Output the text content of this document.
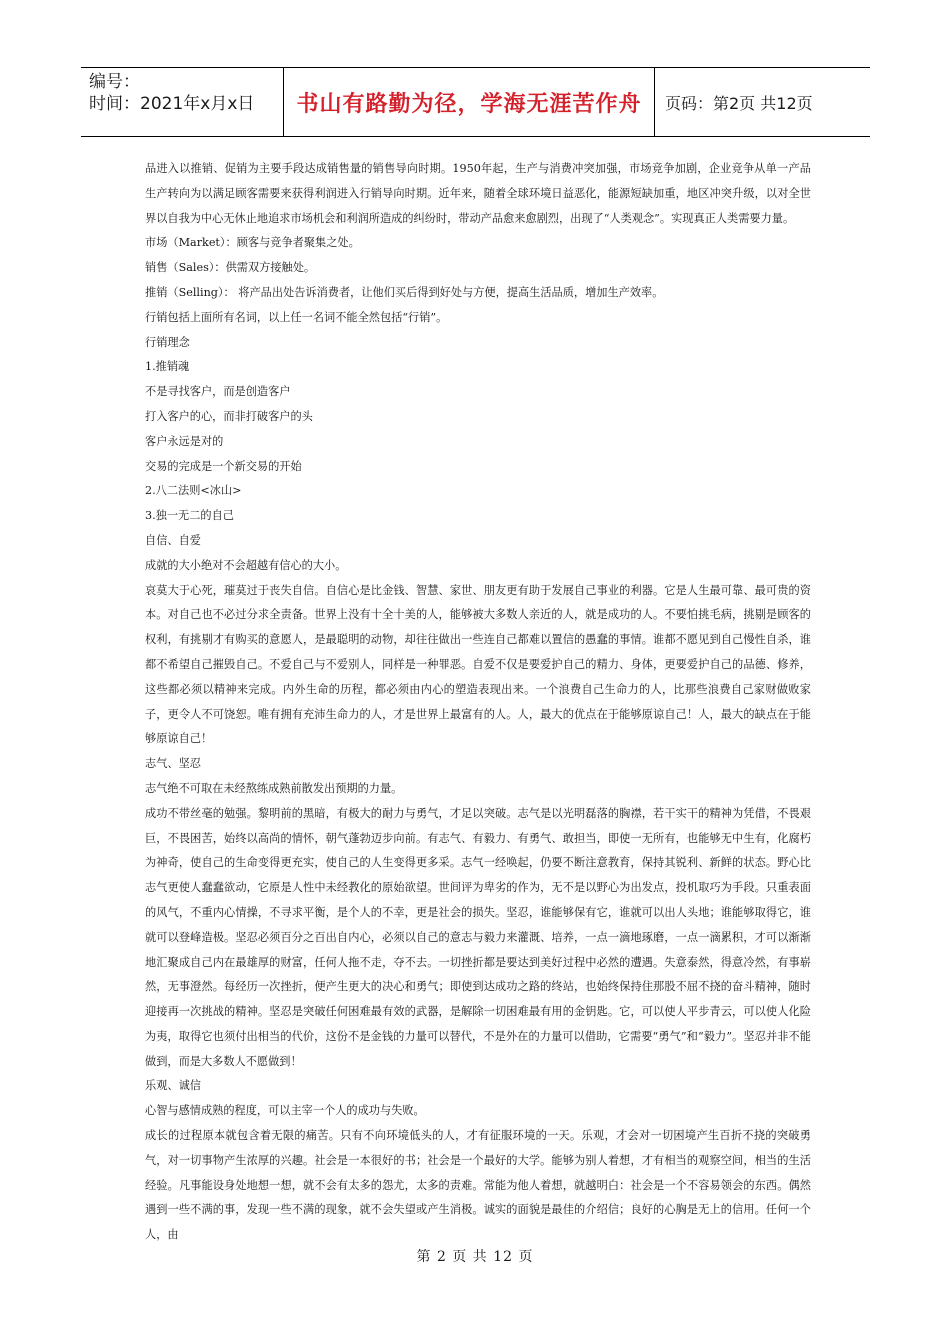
编号：
时间：2021年x月x日	书山有路勤为径，学海无涯苦作舟 页码：第2页 共12页

品进入以推销、促销为主要手段达成销售量的销售导向时期。1950年起，生产与消费冲突加强，市场竞争加剧，企业竞争从单一产品生产转向为以满足顾客需要来获得利润进入行销导向时期。近年来，随着全球环境日益恶化，能源短缺加重，地区冲突升级，以对全世界以自我为中心无休止地追求市场机会和利润所造成的纠纷时，带动产品愈来愈剧烈，出现了“人类观念”。实现真正人类需要力量。

市场（Market）：顾客与竞争者聚集之处。

销售（Sales）：供需双方接触处。

推销（Selling）： 将产品出处告诉消费者，让他们买后得到好处与方便，提高生活品质，增加生产效率。

行销包括上面所有名词，以上任一名词不能全然包括“行销”。

行销理念

1.推销魂

不是寻找客户，而是创造客户

打入客户的心，而非打破客户的头

客户永远是对的

交易的完成是一个新交易的开始

2.八二法则<冰山>

3.独一无二的自己

自信、自爱

成就的大小绝对不会超越有信心的大小。

哀莫大于心死，璀莫过于丧失自信。自信心是比金钱、智慧、家世、朋友更有助于发展自己事业的利器。它是人生最可靠、最可贵的资本。对自己也不必过分求全责备。世界上没有十全十美的人，能够被大多数人亲近的人，就是成功的人。不要怕挑毛病，挑剔是顾客的权利，有挑剔才有购买的意愿人，是最聪明的动物，却往往做出一些连自己都难以置信的愚蠢的事情。谁都不愿见到自己慢性自杀，谁都不希望自己摧毁自己。不爱自己与不爱别人，同样是一种罪恶。自爱不仅是要爱护自己的精力、身体，更要爱护自己的品德、修养，这些都必须以精神来完成。内外生命的历程，都必须由内心的塑造表现出来。一个浪费自己生命力的人，比那些浪费自己家财做败家子，更令人不可饶恕。唯有拥有充沛生命力的人，才是世界上最富有的人。人，最大的优点在于能够原谅自己！人，最大的缺点在于能够原谅自己！

志气、坚忍

志气绝不可取在未经熬练成熟前散发出预期的力量。

成功不带丝毫的勉强。黎明前的黑暗，有极大的耐力与勇气，才足以突破。志气是以光明磊落的胸襟，若干实干的精神为凭借，不畏艰巨，不畏困苦，始终以高尚的情怀，朝气蓬勃迈步向前。有志气、有毅力、有勇气、敢担当，即使一无所有，也能够无中生有，化腐朽为神奇，使自己的生命变得更充实，使自己的人生变得更多采。志气一经唤起，仍要不断注意教育，保持其锐利、新鲜的状态。野心比志气更使人蠢蠢欲动，它原是人性中未经教化的原始欲望。世间评为卑劣的作为，无不是以野心为出发点，投机取巧为手段。只重表面的风气，不重内心情操，不寻求平衡，是个人的不幸，更是社会的损失。坚忍，谁能够保有它，谁就可以出人头地；谁能够取得它，谁就可以登峰造极。坚忍必须百分之百出自内心，必须以自己的意志与毅力来灌溉、培养，一点一滴地琢磨，一点一滴累积，才可以渐渐地汇聚成自己内在最雄厚的财富，任何人拖不走，夺不去。一切挫折都是要达到美好过程中必然的遭遇。失意泰然，得意冷然，有事崭然，无事澄然。每经历一次挫折，便产生更大的决心和勇气；即使到达成功之路的终站，也始终保持住那股不屈不挠的奋斗精神，随时迎接再一次挑战的精神。坚忍是突破任何困难最有效的武器，是解除一切困难最有用的金钥匙。它，可以使人平步青云，可以使人化险为夷，取得它也须付出相当的代价，这份不是金钱的力量可以替代，不是外在的力量可以借助，它需要“勇气”和“毅力”。坚忍并非不能做到，而是大多数人不愿做到！

乐观、诚信

心智与感情成熟的程度，可以主宰一个人的成功与失败。

成长的过程原本就包含着无限的痛苦。只有不向环境低头的人，才有征服环境的一天。乐观，才会对一切困境产生百折不挠的突破勇气，对一切事物产生浓厚的兴趣。社会是一本很好的书；社会是一个最好的大学。能够为别人着想，才有相当的观察空间，相当的生活经验。凡事能设身处地想一想，就不会有太多的怨尤，太多的责难。常能为他人着想，就越明白：社会是一个不容易领会的东西。偶然遇到一些不满的事，发现一些不满的现象，就不会失望或产生消极。诚实的面貌是最佳的介绍信；良好的心胸是无上的信用。任何一个人，由

第 2 页 共 12 页
